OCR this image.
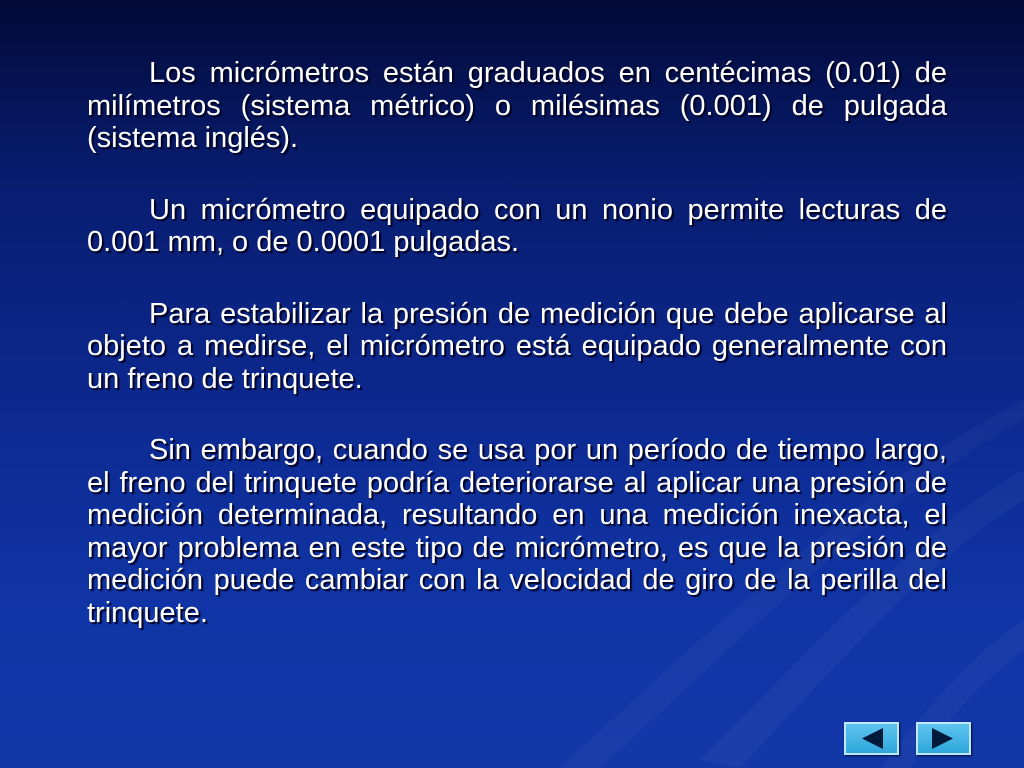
Los micrómetros están graduados en centécimas (0.01) de milímetros (sistema métrico) o milésimas (0.001) de pulgada (sistema inglés).

Un micrómetro equipado con un nonio permite lecturas de 0.001 mm, o de 0.0001 pulgadas.

Para estabilizar la presión de medición que debe aplicarse al objeto a medirse, el micrómetro está equipado generalmente con un freno de trinquete.

Sin embargo, cuando se usa por un período de tiempo largo, el freno del trinquete podría deteriorarse al aplicar una presión de medición determinada, resultando en una medición inexacta, el mayor problema en este tipo de micrómetro, es que la presión de medición puede cambiar con la velocidad de giro de la perilla del trinquete.
